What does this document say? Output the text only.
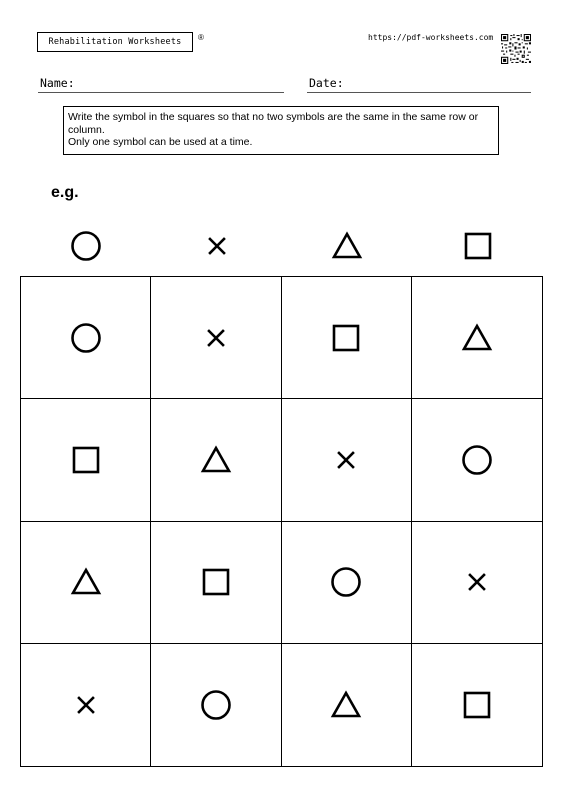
Rehabilitation Worksheets ®	https://pdf-worksheets.com
Name:	Date:
Write the symbol in the squares so that no two symbols are the same in the same row or column.
Only one symbol can be used at a time.
e.g.
